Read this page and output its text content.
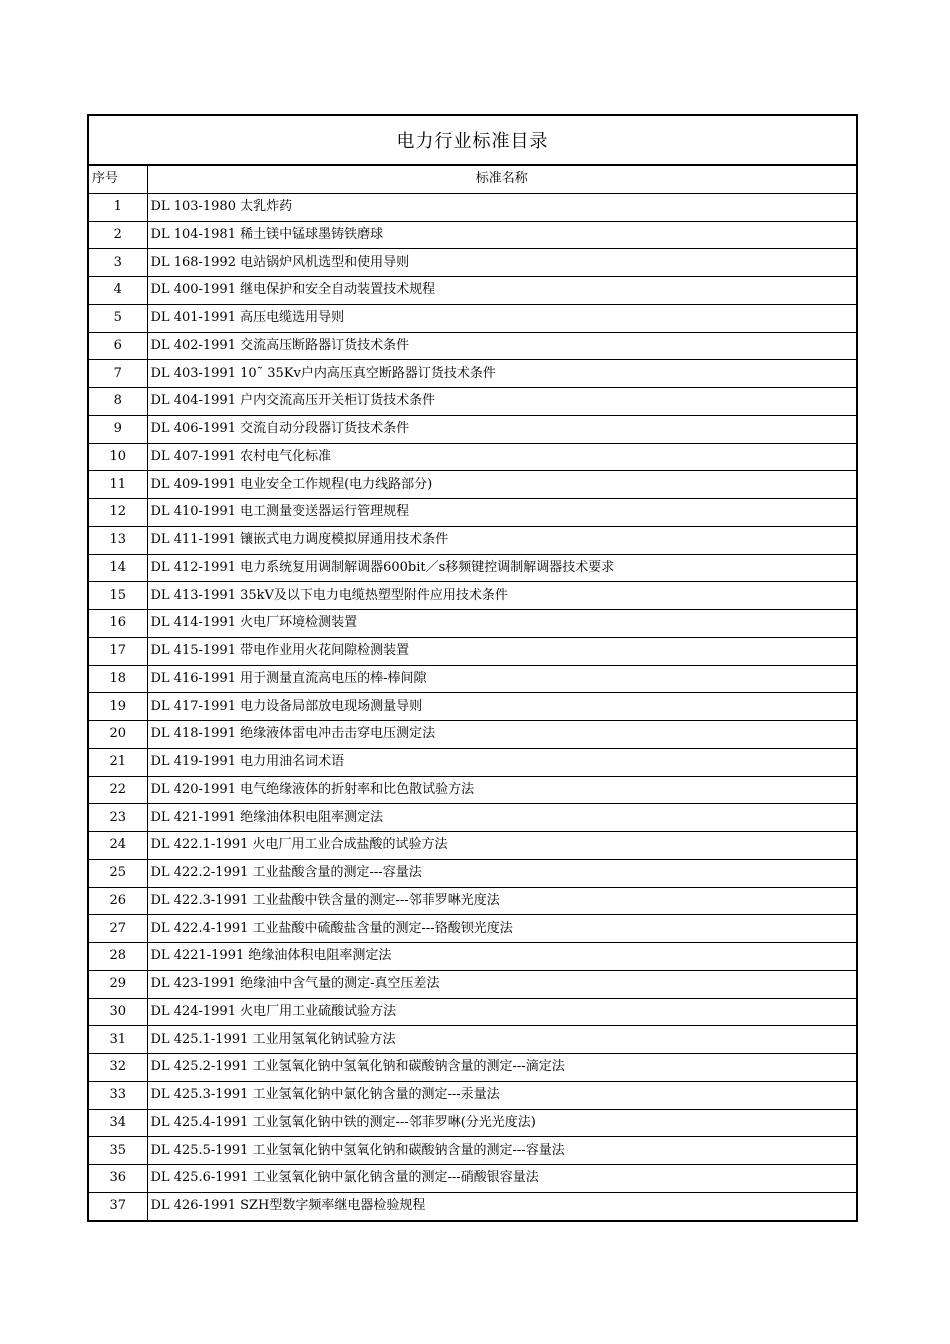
电力行业标准目录
序号	标准名称
1	DL 103-1980 太乳炸药
2	DL 104-1981 稀土镁中锰球墨铸铁磨球
3	DL 168-1992 电站锅炉风机选型和使用导则
4	DL 400-1991 继电保护和安全自动装置技术规程
5	DL 401-1991 高压电缆选用导则
6	DL 402-1991 交流高压断路器订货技术条件
7	DL 403-1991 10˜ 35Kv户内高压真空断路器订货技术条件
8	DL 404-1991 户内交流高压开关柜订货技术条件
9	DL 406-1991 交流自动分段器订货技术条件
10	DL 407-1991 农村电气化标准
11	DL 409-1991 电业安全工作规程(电力线路部分)
12	DL 410-1991 电工测量变送器运行管理规程
13	DL 411-1991 镶嵌式电力调度模拟屏通用技术条件
14	DL 412-1991 电力系统复用调制解调器600bit／s移频键控调制解调器技术要求
15	DL 413-1991 35kV及以下电力电缆热塑型附件应用技术条件
16	DL 414-1991 火电厂环境检测装置
17	DL 415-1991 带电作业用火花间隙检测装置
18	DL 416-1991 用于测量直流高电压的棒-棒间隙
19	DL 417-1991 电力设备局部放电现场测量导则
20	DL 418-1991 绝缘液体雷电冲击击穿电压测定法
21	DL 419-1991 电力用油名词术语
22	DL 420-1991 电气绝缘液体的折射率和比色散试验方法
23	DL 421-1991 绝缘油体积电阻率测定法
24	DL 422.1-1991 火电厂用工业合成盐酸的试验方法
25	DL 422.2-1991 工业盐酸含量的测定---容量法
26	DL 422.3-1991 工业盐酸中铁含量的测定---邻菲罗啉光度法
27	DL 422.4-1991 工业盐酸中硫酸盐含量的测定---铬酸钡光度法
28	DL 4221-1991 绝缘油体积电阻率测定法
29	DL 423-1991 绝缘油中含气量的测定-真空压差法
30	DL 424-1991 火电厂用工业硫酸试验方法
31	DL 425.1-1991 工业用氢氧化钠试验方法
32	DL 425.2-1991 工业氢氧化钠中氢氧化钠和碳酸钠含量的测定---滴定法
33	DL 425.3-1991 工业氢氧化钠中氯化钠含量的测定---汞量法
34	DL 425.4-1991 工业氢氧化钠中铁的测定---邻菲罗啉(分光光度法)
35	DL 425.5-1991 工业氢氧化钠中氢氧化钠和碳酸钠含量的测定---容量法
36	DL 425.6-1991 工业氢氧化钠中氯化钠含量的测定---硝酸银容量法
37	DL 426-1991 SZH型数字频率继电器检验规程
